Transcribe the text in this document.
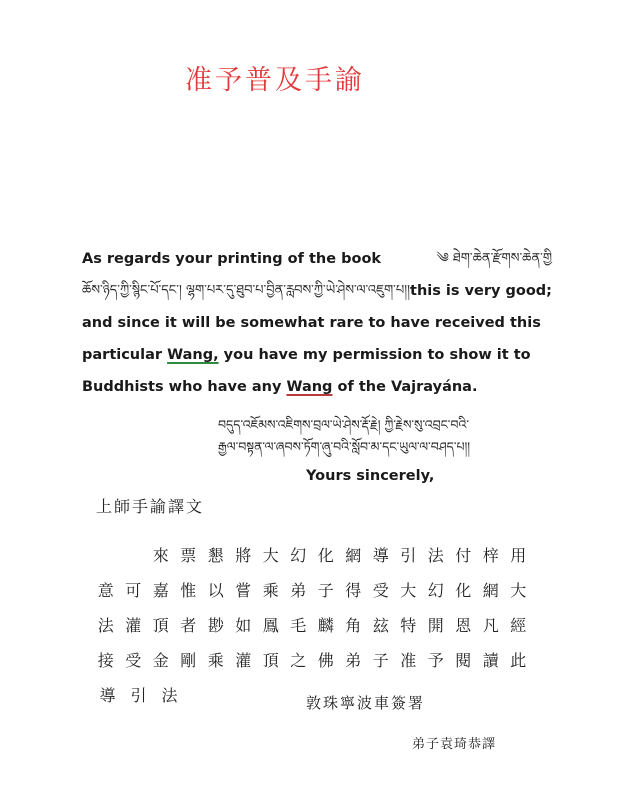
准予普及手諭
As regards your printing of the book	༄ ཐེག་ཆེན་རྫོགས་ཆེན་གྱི
ཆོས་ཉིད་ཀྱི་སྙིང་པོ་དང་། ལྷག་པར་དུ་ཐུབ་པ་བྱིན་རླབས་ཀྱི་ཡེ་ཤེས་ལ་འཇུག་པ།། this is very good;
and since it will be somewhat rare to have received this
particular Wang, you have my permission to show it to
Buddhists who have any Wang of the Vajrayána.
བདུད་འཇོམས་འཇིགས་བྲལ་ཡེ་ཤེས་རྡོ་རྗེ། ཀྱི་རྗེས་སུ་འབྲང་བའི་
རྒྱལ་བསྟན་ལ་ཞབས་ཏོག་ཞུ་བའི་སློབ་མ་དང་ཡུལ་ལ་བཤད་པ།།
Yours sincerely,
上師手諭譯文

來 票 懇 將 大 幻 化 網 導 引 法 付 梓 用
意 可 嘉 惟 以 嘗 乘 弟 子 得 受 大 幻 化 網 大
法 灌 頂 者 尠 如 鳳 毛 麟 角 玆 特 開 恩 凡 經
接 受 金 剛 乘 灌 頂 之 佛 弟 子 准 予 閱 讀 此
導 引 法	敦珠寧波車簽署
弟子袁琦恭譯
